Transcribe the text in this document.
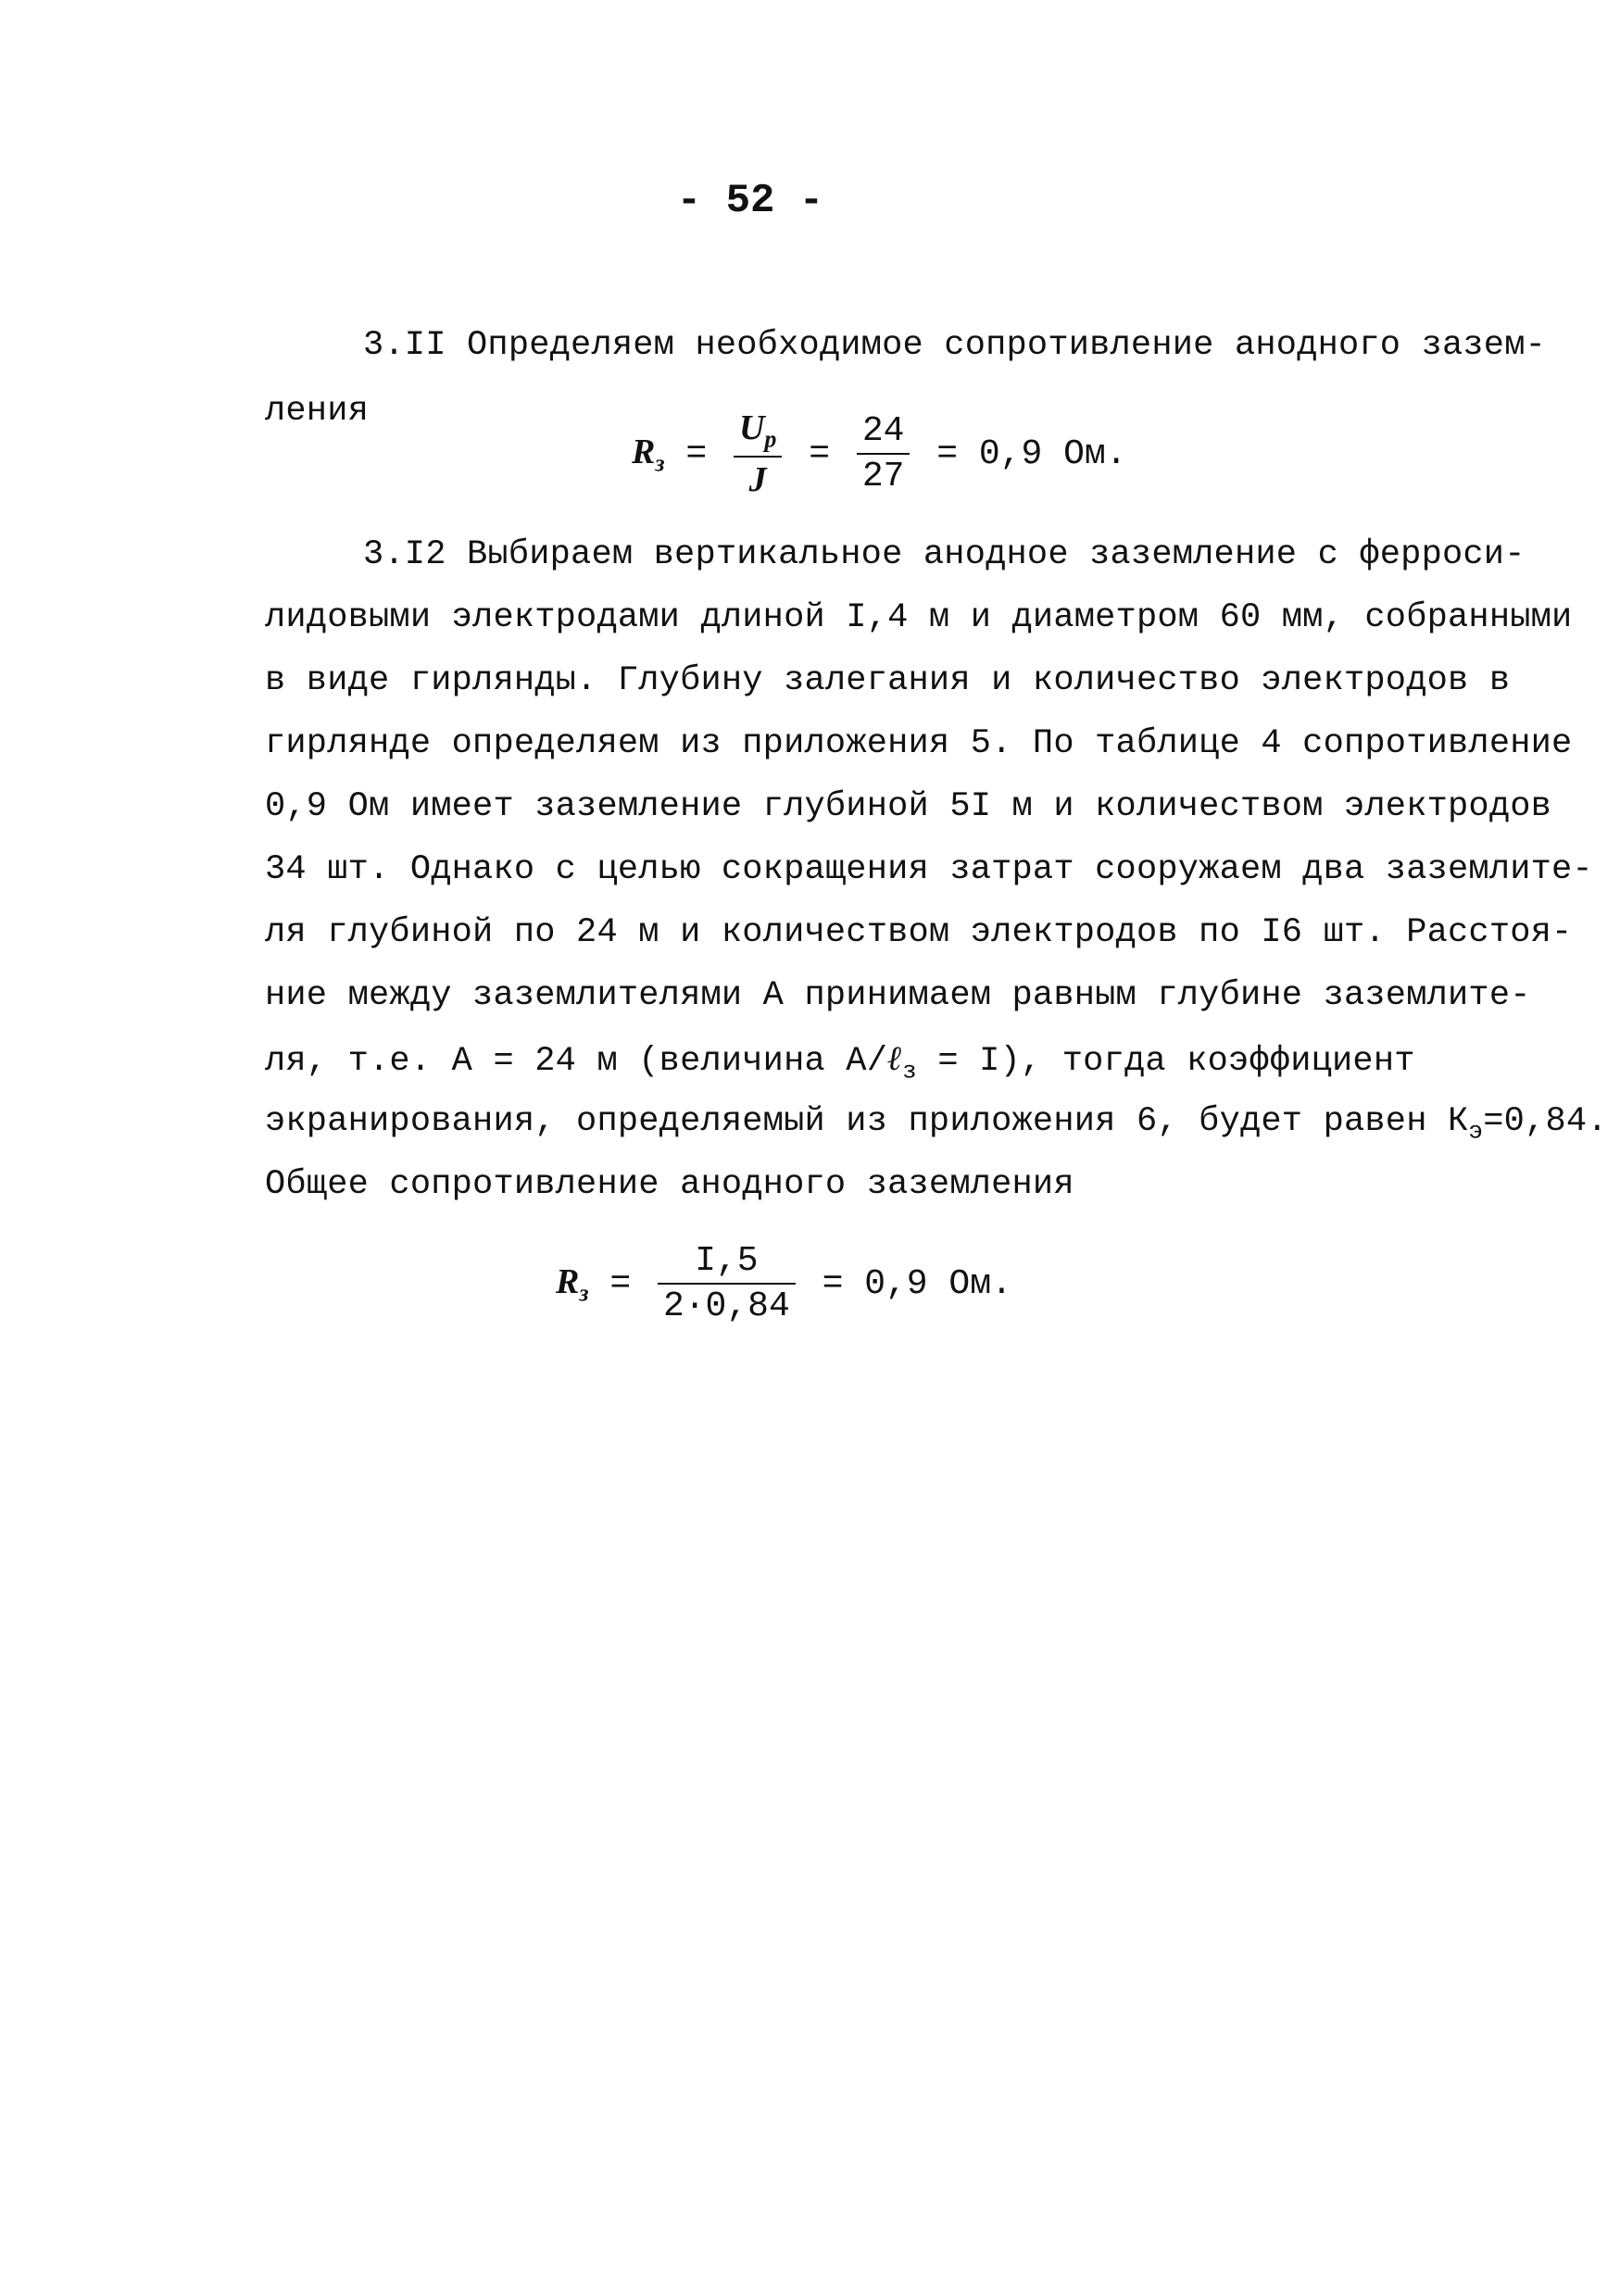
- 52 -
3.II Определяем необходимое сопротивление анодного зазем-
ления
$R_з = \frac{U_р}{J} = \frac{24}{27} = 0,9$ Ом.
3.I2 Выбираем вертикальное анодное заземление с ферроси-
лидовыми электродами длиной I,4 м и диаметром 60 мм, собранными
в виде гирлянды. Глубину залегания и количество электродов в
гирлянде определяем из приложения 5. По таблице 4 сопротивление
0,9 Ом имеет заземление глубиной 5I м и количеством электродов
34 шт. Однако с целью сокращения затрат сооружаем два заземлите-
ля глубиной по 24 м и количеством электродов по I6 шт. Расстоя-
ние между заземлителями A принимаем равным глубине заземлите-
ля, т.е. A = 24 м (величина A/ℓ$_з$ = I), тогда коэффициент
экранирования, определяемый из приложения 6, будет равен $К_э=0,84$.
Общее сопротивление анодного заземления
$R_з = \frac{I,5}{2\cdot 0,84} = 0,9$ Ом.
